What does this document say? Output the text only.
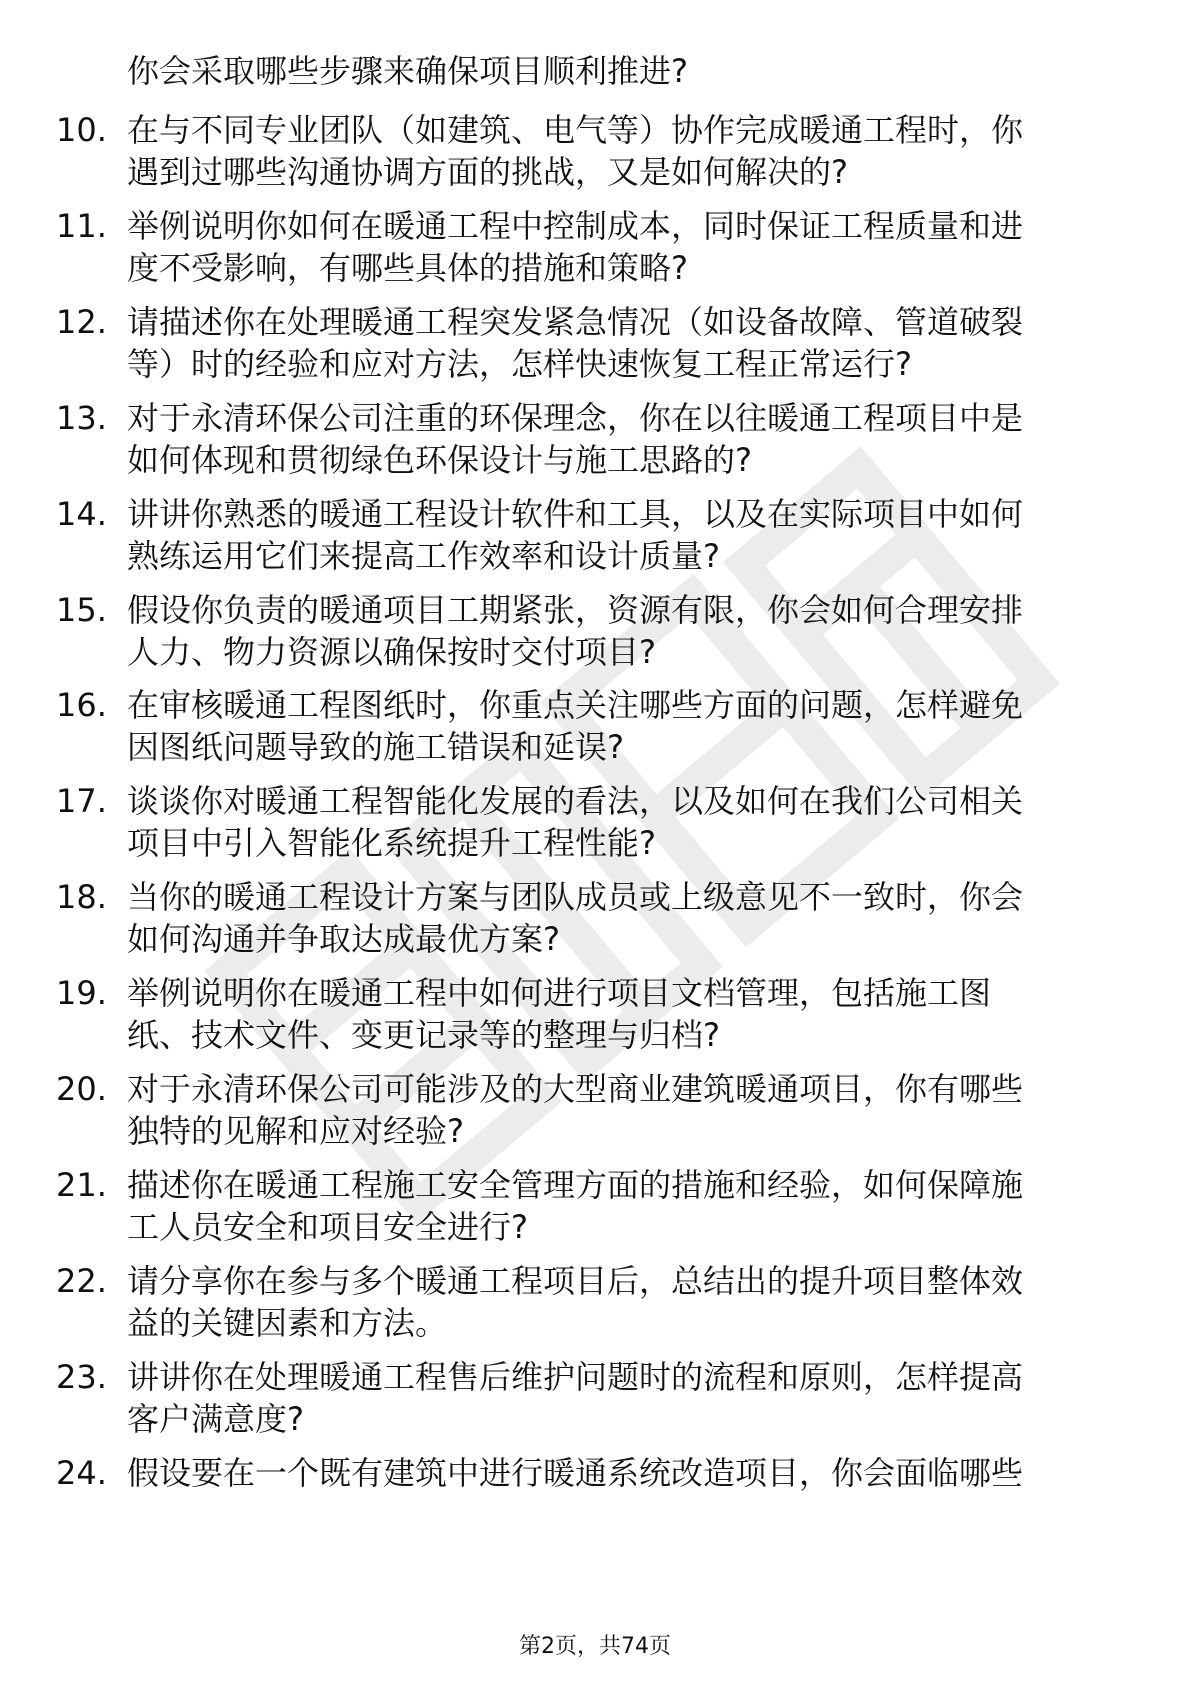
你会采取哪些步骤来确保项目顺利推进?
10. 在与不同专业团队（如建筑、电气等）协作完成暖通工程时，你
遇到过哪些沟通协调方面的挑战，又是如何解决的?
11. 举例说明你如何在暖通工程中控制成本，同时保证工程质量和进
度不受影响，有哪些具体的措施和策略?
12. 请描述你在处理暖通工程突发紧急情况（如设备故障、管道破裂
等）时的经验和应对方法，怎样快速恢复工程正常运行?
13. 对于永清环保公司注重的环保理念，你在以往暖通工程项目中是
如何体现和贯彻绿色环保设计与施工思路的?
14. 讲讲你熟悉的暖通工程设计软件和工具，以及在实际项目中如何
熟练运用它们来提高工作效率和设计质量?
15. 假设你负责的暖通项目工期紧张，资源有限，你会如何合理安排
人力、物力资源以确保按时交付项目?
16. 在审核暖通工程图纸时，你重点关注哪些方面的问题，怎样避免
因图纸问题导致的施工错误和延误?
17. 谈谈你对暖通工程智能化发展的看法，以及如何在我们公司相关
项目中引入智能化系统提升工程性能?
18. 当你的暖通工程设计方案与团队成员或上级意见不一致时，你会
如何沟通并争取达成最优方案?
19. 举例说明你在暖通工程中如何进行项目文档管理，包括施工图
纸、技术文件、变更记录等的整理与归档?
20. 对于永清环保公司可能涉及的大型商业建筑暖通项目，你有哪些
独特的见解和应对经验?
21. 描述你在暖通工程施工安全管理方面的措施和经验，如何保障施
工人员安全和项目安全进行?
22. 请分享你在参与多个暖通工程项目后，总结出的提升项目整体效
益的关键因素和方法。
23. 讲讲你在处理暖通工程售后维护问题时的流程和原则，怎样提高
客户满意度?
24. 假设要在一个既有建筑中进行暖通系统改造项目，你会面临哪些
第2页，共74页
